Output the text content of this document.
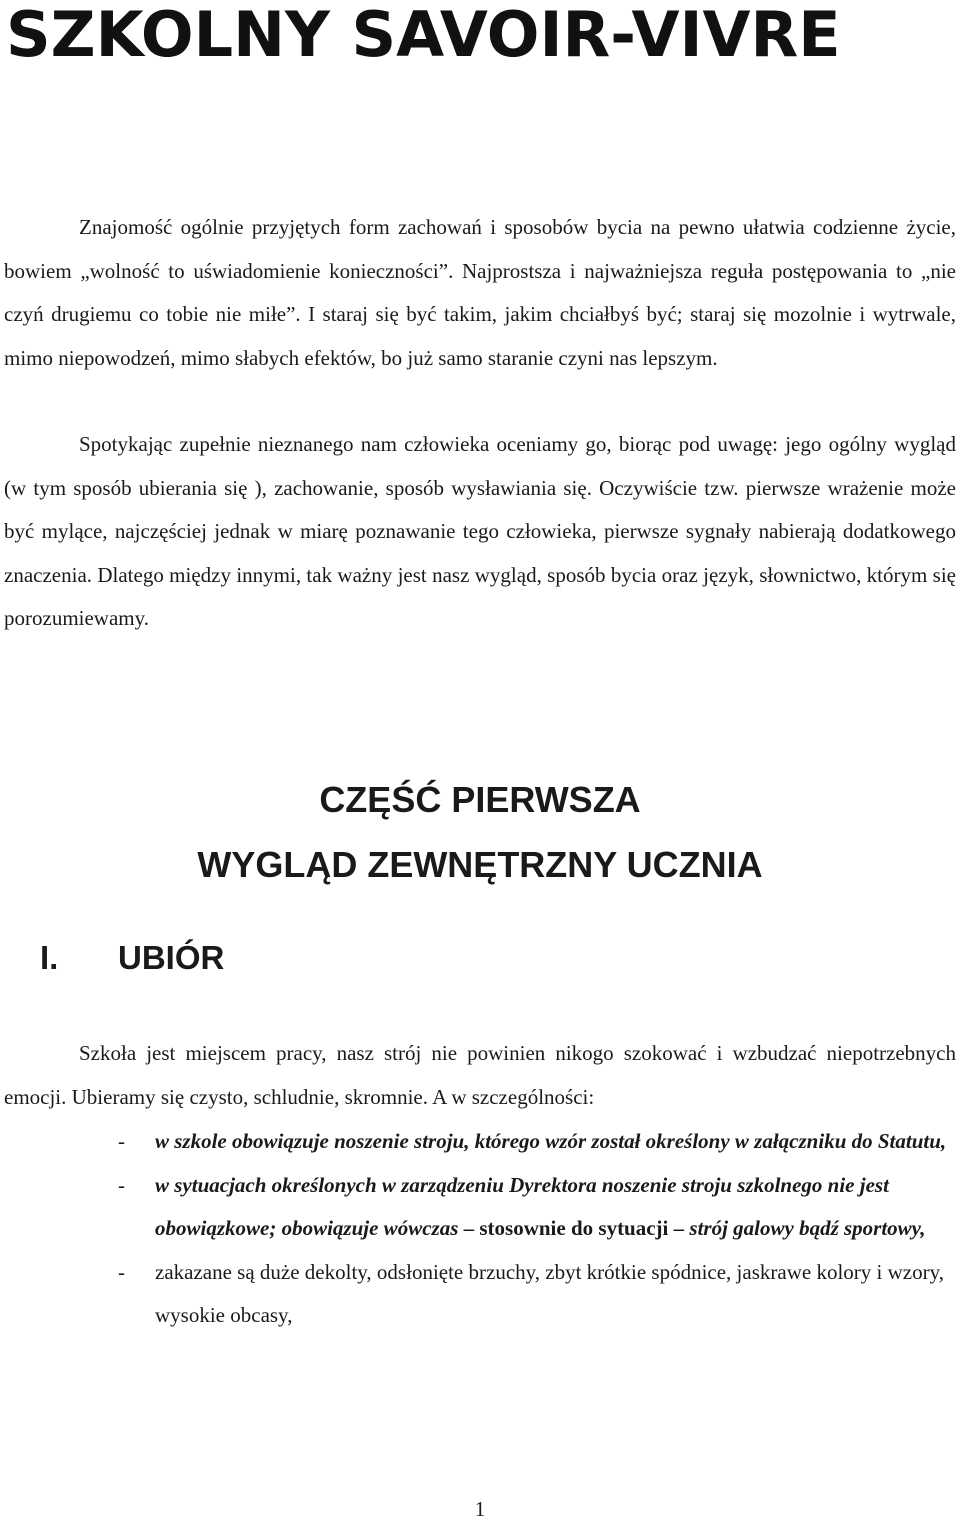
SZKOLNY SAVOIR-VIVRE

Znajomość ogólnie przyjętych form zachowań i sposobów bycia na pewno ułatwia codzienne życie, bowiem „wolność to uświadomienie konieczności”. Najprostsza i najważniejsza reguła postępowania to „nie czyń drugiemu co tobie nie miłe”. I staraj się być takim, jakim chciałbyś być; staraj się mozolnie i wytrwale, mimo niepowodzeń, mimo słabych efektów, bo już samo staranie czyni nas lepszym.

Spotykając zupełnie nieznanego nam człowieka oceniamy go, biorąc pod uwagę: jego ogólny wygląd (w tym sposób ubierania się ), zachowanie, sposób wysławiania się. Oczywiście tzw. pierwsze wrażenie może być mylące, najczęściej jednak w miarę poznawanie tego człowieka, pierwsze sygnały nabierają dodatkowego znaczenia. Dlatego między innymi, tak ważny jest nasz wygląd, sposób bycia oraz język, słownictwo, którym się porozumiewamy.

CZĘŚĆ PIERWSZA
WYGLĄD ZEWNĘTRZNY UCZNIA
I. UBIÓR

Szkoła jest miejscem pracy, nasz strój nie powinien nikogo szokować i wzbudzać niepotrzebnych emocji. Ubieramy się czysto, schludnie, skromnie. A w szczególności:

- w szkole obowiązuje noszenie stroju, którego wzór został określony w załączniku do Statutu,
- w sytuacjach określonych w zarządzeniu Dyrektora noszenie stroju szkolnego nie jest obowiązkowe; obowiązuje wówczas – stosownie do sytuacji – strój galowy bądź sportowy,
- zakazane są duże dekolty, odsłonięte brzuchy, zbyt krótkie spódnice, jaskrawe kolory i wzory, wysokie obcasy,

1
